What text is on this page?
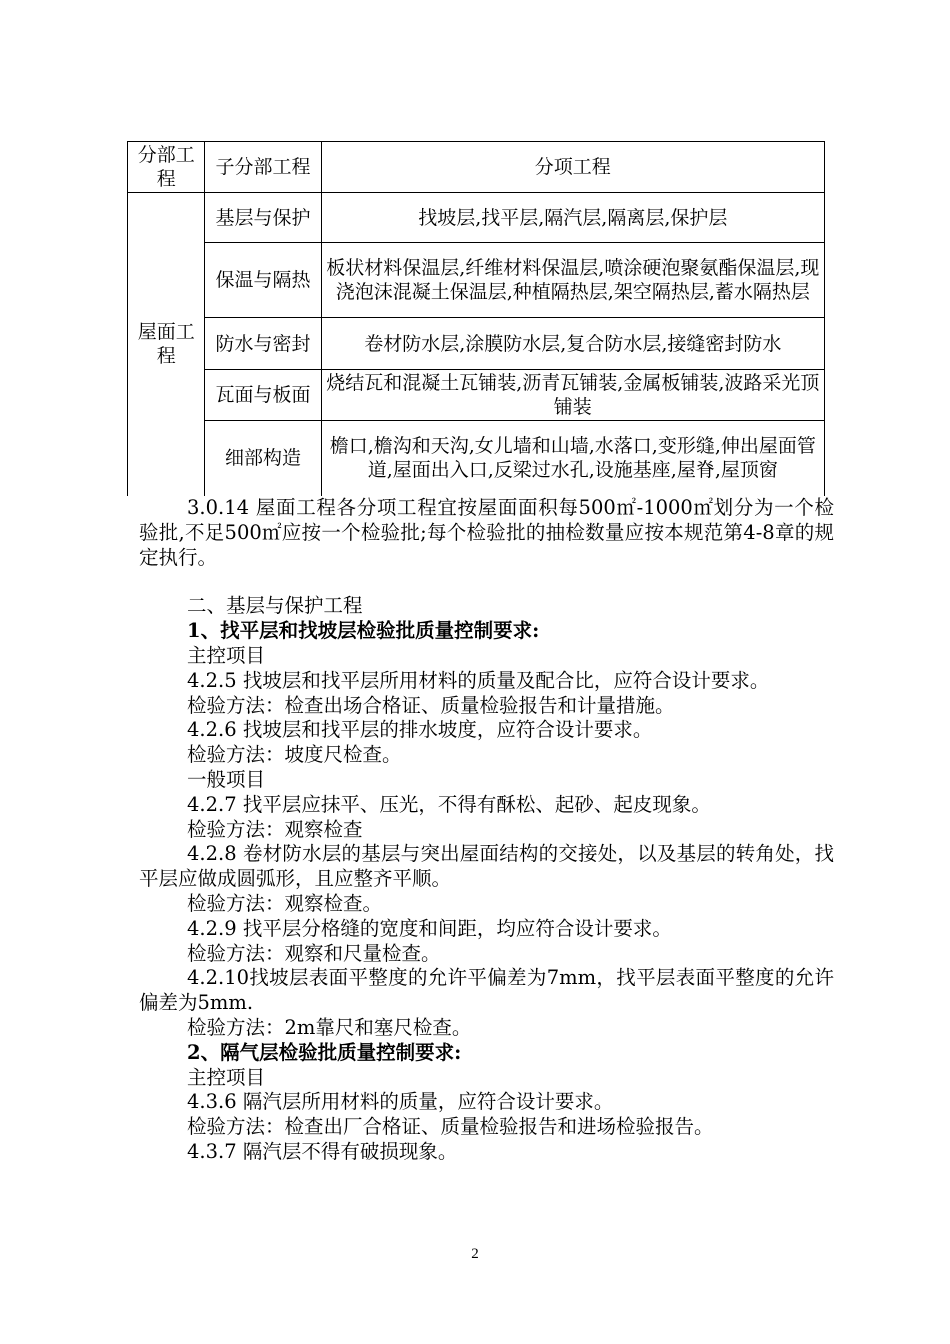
分部工程	子分部工程	分项工程
屋面工程	基层与保护	找坡层,找平层,隔汽层,隔离层,保护层
	保温与隔热	板状材料保温层,纤维材料保温层,喷涂硬泡聚氨酯保温层,现浇泡沫混凝土保温层,种植隔热层,架空隔热层,蓄水隔热层
	防水与密封	卷材防水层,涂膜防水层,复合防水层,接缝密封防水
	瓦面与板面	烧结瓦和混凝土瓦铺装,沥青瓦铺装,金属板铺装,波路采光顶铺装
	细部构造	檐口,檐沟和天沟,女儿墙和山墙,水落口,变形缝,伸出屋面管道,屋面出入口,反梁过水孔,设施基座,屋脊,屋顶窗

3.0.14 屋面工程各分项工程宜按屋面面积每500㎡-1000㎡划分为一个检验批,不足500㎡应按一个检验批;每个检验批的抽检数量应按本规范第4-8章的规定执行。

二、基层与保护工程

1、找平层和找坡层检验批质量控制要求:

主控项目

4.2.5 找坡层和找平层所用材料的质量及配合比，应符合设计要求。

检验方法：检查出场合格证、质量检验报告和计量措施。

4.2.6 找坡层和找平层的排水坡度，应符合设计要求。

检验方法：坡度尺检查。

一般项目

4.2.7 找平层应抹平、压光，不得有酥松、起砂、起皮现象。

检验方法：观察检查

4.2.8 卷材防水层的基层与突出屋面结构的交接处，以及基层的转角处，找平层应做成圆弧形，且应整齐平顺。

检验方法：观察检查。

4.2.9 找平层分格缝的宽度和间距，均应符合设计要求。

检验方法：观察和尺量检查。

4.2.10找坡层表面平整度的允许平偏差为7mm，找平层表面平整度的允许偏差为5mm.

检验方法：2m靠尺和塞尺检查。

2、隔气层检验批质量控制要求:

主控项目

4.3.6 隔汽层所用材料的质量，应符合设计要求。

检验方法：检查出厂合格证、质量检验报告和进场检验报告。

4.3.7 隔汽层不得有破损现象。

2
